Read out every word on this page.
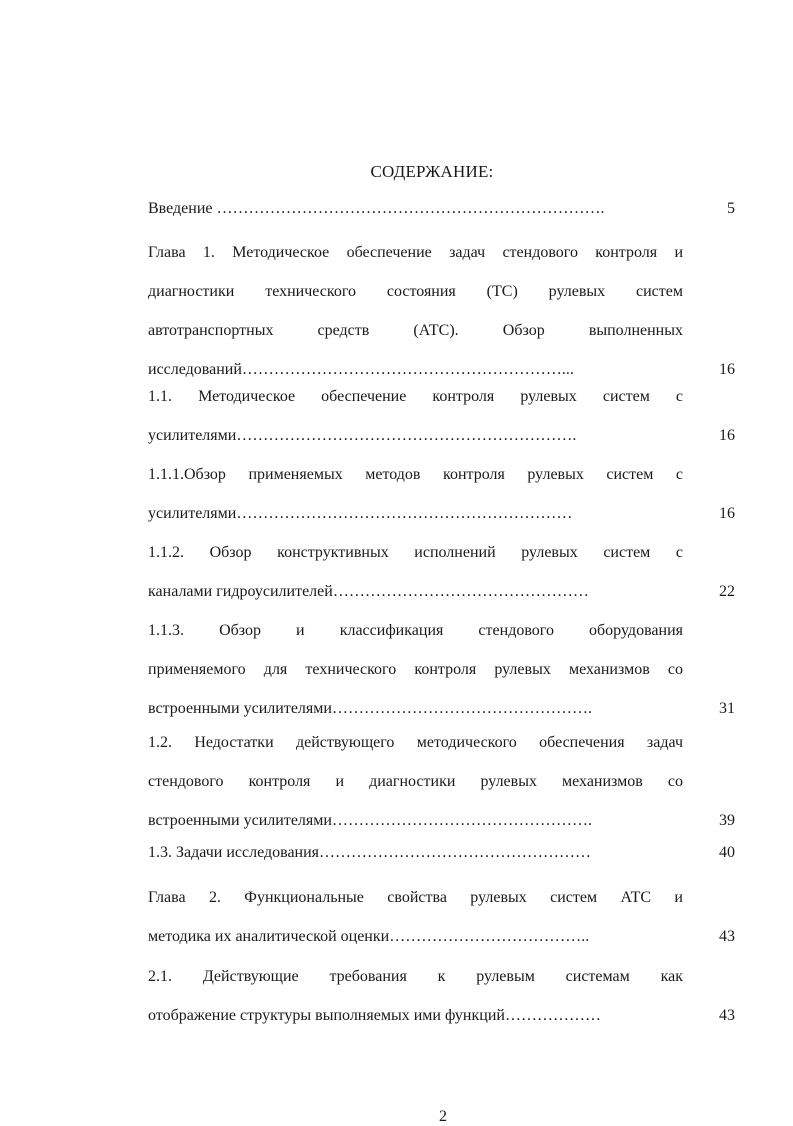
СОДЕРЖАНИЕ:
Введение ……………………………………………………………….	5
Глава 1. Методическое обеспечение задач стендового контроля и
диагностики технического состояния (ТС) рулевых систем
автотранспортных средств (АТС). Обзор выполненных
исследований……………………………………………………...	16
1.1. Методическое обеспечение контроля рулевых систем с
усилителями……………………………………………………….	16
1.1.1.Обзор применяемых методов контроля рулевых систем с
усилителями………………………………………………………	16
1.1.2. Обзор конструктивных исполнений рулевых систем с
каналами гидроусилителей…………………………………………	22
1.1.3. Обзор и классификация стендового оборудования
применяемого для технического контроля рулевых механизмов со
встроенными усилителями………………………………………….	31
1.2. Недостатки действующего методического обеспечения задач
стендового контроля и диагностики рулевых механизмов со
встроенными усилителями………………………………………….	39
1.3. Задачи исследования……………………………………………	40
Глава 2. Функциональные свойства рулевых систем АТС и
методика их аналитической оценки………………………………..	43
2.1. Действующие требования к рулевым системам как
отображение структуры выполняемых ими функций………………	43
2
